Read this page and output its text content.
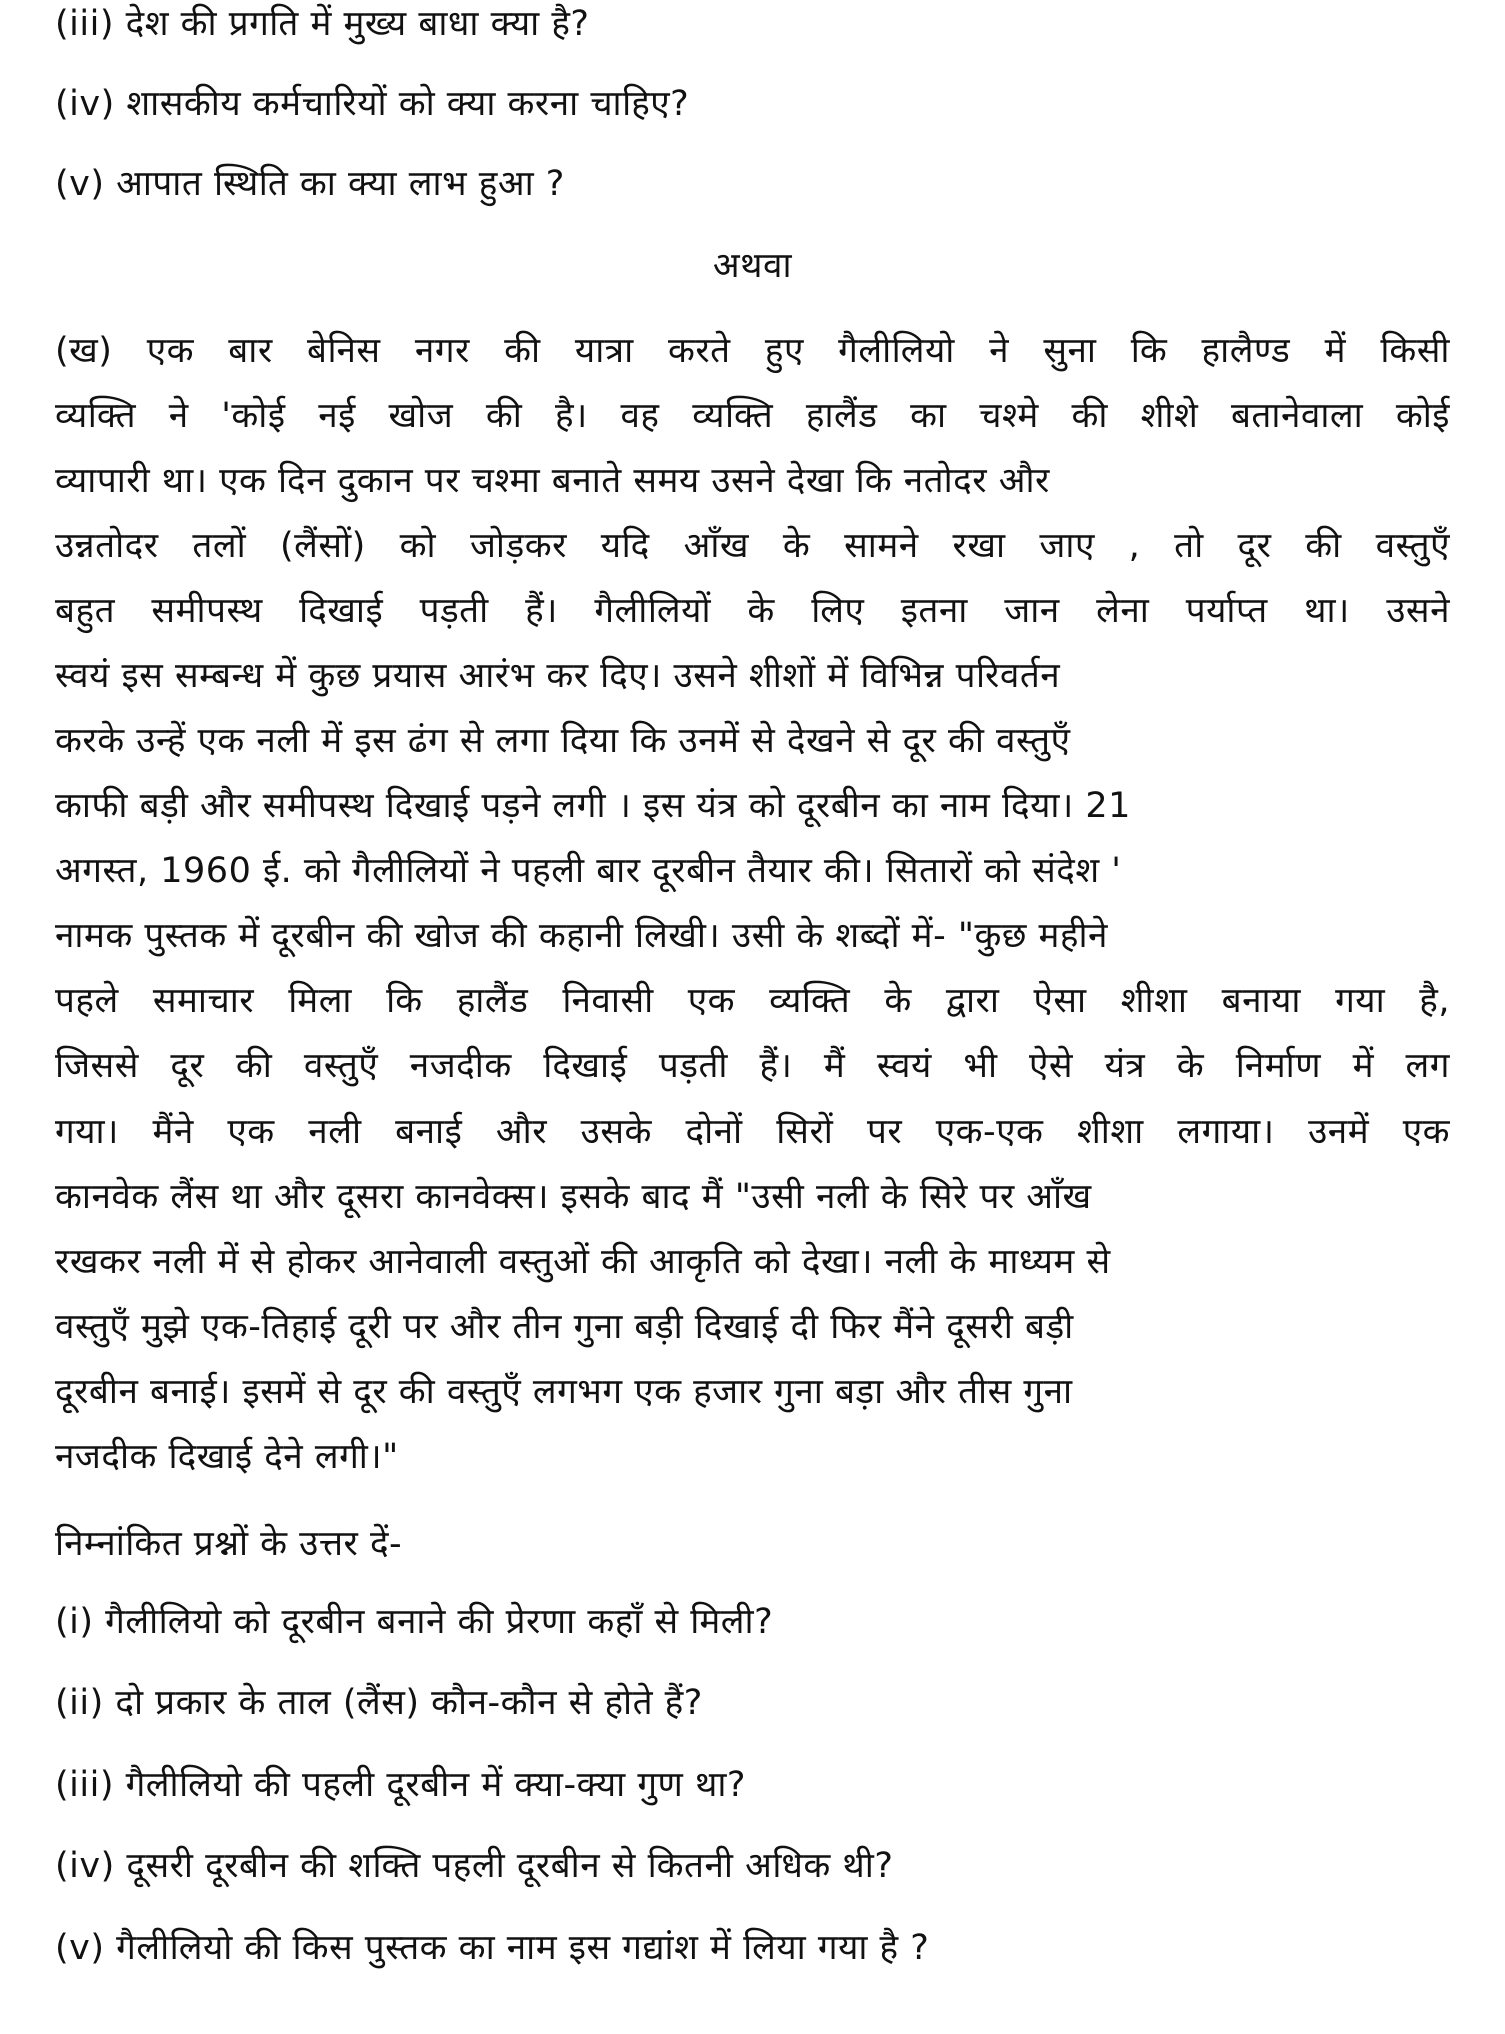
(iii) देश की प्रगति में मुख्य बाधा क्या है?
(iv) शासकीय कर्मचारियों को क्या करना चाहिए?
(v) आपात स्थिति का क्या लाभ हुआ ?
अथवा
(ख) एक बार बेनिस नगर की यात्रा करते हुए गैलीलियो ने सुना कि हालैण्ड में किसी
व्यक्ति ने 'कोई नई खोज की है। वह व्यक्ति हालैंड का चश्मे की शीशे बतानेवाला कोई
व्यापारी था। एक दिन दुकान पर चश्मा बनाते समय उसने देखा कि नतोदर और
उन्नतोदर तलों (लैंसों) को जोड़कर यदि आँख के सामने रखा जाए , तो दूर की वस्तुएँ
बहुत समीपस्थ दिखाई पड़ती हैं। गैलीलियों के लिए इतना जान लेना पर्याप्त था। उसने
स्वयं इस सम्बन्ध में कुछ प्रयास आरंभ कर दिए। उसने शीशों में विभिन्न परिवर्तन
करके उन्हें एक नली में इस ढंग से लगा दिया कि उनमें से देखने से दूर की वस्तुएँ
काफी बड़ी और समीपस्थ दिखाई पड़ने लगी । इस यंत्र को दूरबीन का नाम दिया। 21
अगस्त, 1960 ई. को गैलीलियों ने पहली बार दूरबीन तैयार की। सितारों को संदेश '
नामक पुस्तक में दूरबीन की खोज की कहानी लिखी। उसी के शब्दों में- "कुछ महीने
पहले समाचार मिला कि हालैंड निवासी एक व्यक्ति के द्वारा ऐसा शीशा बनाया गया है,
जिससे दूर की वस्तुएँ नजदीक दिखाई पड़ती हैं। मैं स्वयं भी ऐसे यंत्र के निर्माण में लग
गया। मैंने एक नली बनाई और उसके दोनों सिरों पर एक-एक शीशा लगाया। उनमें एक
कानवेक लैंस था और दूसरा कानवेक्स। इसके बाद मैं "उसी नली के सिरे पर आँख
रखकर नली में से होकर आनेवाली वस्तुओं की आकृति को देखा। नली के माध्यम से
वस्तुएँ मुझे एक-तिहाई दूरी पर और तीन गुना बड़ी दिखाई दी फिर मैंने दूसरी बड़ी
दूरबीन बनाई। इसमें से दूर की वस्तुएँ लगभग एक हजार गुना बड़ा और तीस गुना
नजदीक दिखाई देने लगी।"
निम्नांकित प्रश्नों के उत्तर दें-
(i) गैलीलियो को दूरबीन बनाने की प्रेरणा कहाँ से मिली?
(ii) दो प्रकार के ताल (लैंस) कौन-कौन से होते हैं?
(iii) गैलीलियो की पहली दूरबीन में क्या-क्या गुण था?
(iv) दूसरी दूरबीन की शक्ति पहली दूरबीन से कितनी अधिक थी?
(v) गैलीलियो की किस पुस्तक का नाम इस गद्यांश में लिया गया है ?
